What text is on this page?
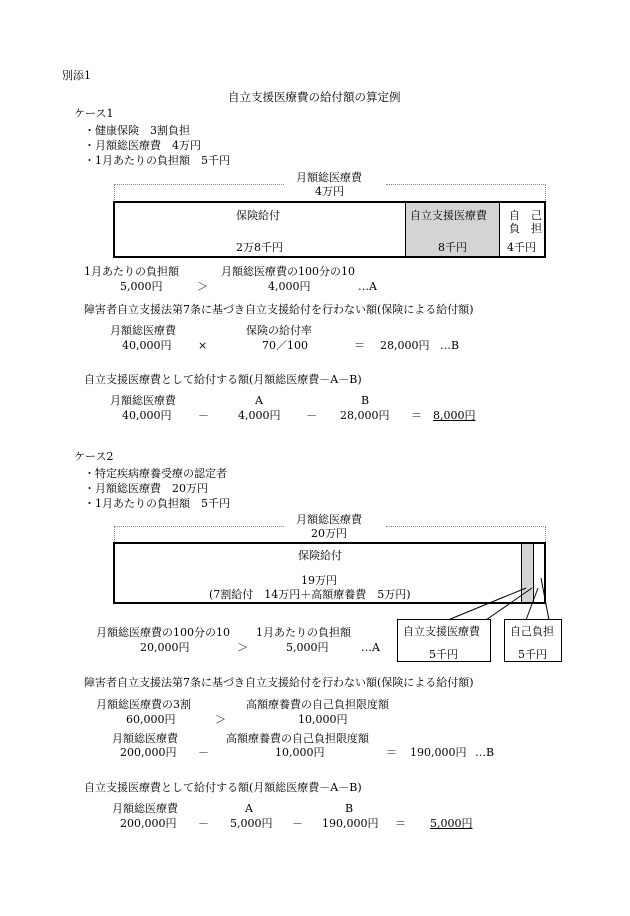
別添1
自立支援医療費の給付額の算定例
ケース1
・健康保険　3割負担
・月額総医療費　4万円
・1月あたりの負担額　5千円
月額総医療費
4万円
保険給付
2万8千円
自立支援医療費
8千円
自　己
負　担
4千円
1月あたりの負担額	月額総医療費の100分の10
5,000円	＞	4,000円	…A
障害者自立支援法第7条に基づき自立支援給付を行わない額(保険による給付額)
月額総医療費	保険の給付率
40,000円 ×	70／100	＝ 28,000円 …B
自立支援医療費として給付する額(月額総医療費－A－B)
月額総医療費	A	B
40,000円 －	4,000円 － 28,000円 ＝ 8,000円
ケース2
・特定疾病療養受療の認定者
・月額総医療費　20万円
・1月あたりの負担額　5千円
月額総医療費
20万円
保険給付
19万円
(7割給付　14万円＋高額療養費　5万円)
自立支援医療費
5千円
自己負担
5千円
月額総医療費の100分の10 1月あたりの負担額
20,000円	＞	5,000円	…A
障害者自立支援法第7条に基づき自立支援給付を行わない額(保険による給付額)
月額総医療費の3割	高額療養費の自己負担限度額
60,000円	＞	10,000円
月額総医療費	高額療養費の自己負担限度額
200,000円 －	10,000円	＝ 190,000円 …B
自立支援医療費として給付する額(月額総医療費－A－B)
月額総医療費	A	B
200,000円 － 5,000円 － 190,000円 ＝ 5,000円
